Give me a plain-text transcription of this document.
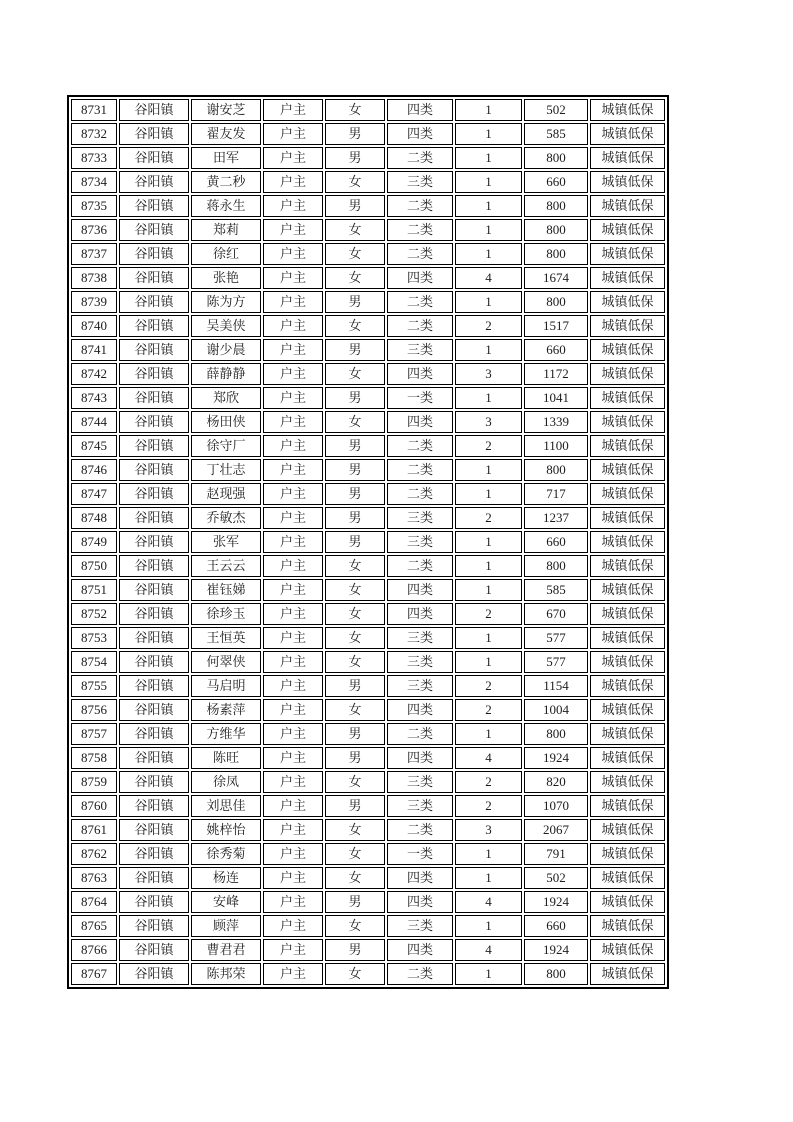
8731	谷阳镇	谢安芝	户主	女	四类	1	502	城镇低保
8732	谷阳镇	翟友发	户主	男	四类	1	585	城镇低保
8733	谷阳镇	田军	户主	男	二类	1	800	城镇低保
8734	谷阳镇	黄二秒	户主	女	三类	1	660	城镇低保
8735	谷阳镇	蒋永生	户主	男	二类	1	800	城镇低保
8736	谷阳镇	郑莉	户主	女	二类	1	800	城镇低保
8737	谷阳镇	徐红	户主	女	二类	1	800	城镇低保
8738	谷阳镇	张艳	户主	女	四类	4	1674	城镇低保
8739	谷阳镇	陈为方	户主	男	二类	1	800	城镇低保
8740	谷阳镇	吴美侠	户主	女	二类	2	1517	城镇低保
8741	谷阳镇	谢少晨	户主	男	三类	1	660	城镇低保
8742	谷阳镇	薛静静	户主	女	四类	3	1172	城镇低保
8743	谷阳镇	郑欣	户主	男	一类	1	1041	城镇低保
8744	谷阳镇	杨田侠	户主	女	四类	3	1339	城镇低保
8745	谷阳镇	徐守厂	户主	男	二类	2	1100	城镇低保
8746	谷阳镇	丁壮志	户主	男	二类	1	800	城镇低保
8747	谷阳镇	赵现强	户主	男	二类	1	717	城镇低保
8748	谷阳镇	乔敏杰	户主	男	三类	2	1237	城镇低保
8749	谷阳镇	张军	户主	男	三类	1	660	城镇低保
8750	谷阳镇	王云云	户主	女	二类	1	800	城镇低保
8751	谷阳镇	崔钰娣	户主	女	四类	1	585	城镇低保
8752	谷阳镇	徐珍玉	户主	女	四类	2	670	城镇低保
8753	谷阳镇	王恒英	户主	女	三类	1	577	城镇低保
8754	谷阳镇	何翠侠	户主	女	三类	1	577	城镇低保
8755	谷阳镇	马启明	户主	男	三类	2	1154	城镇低保
8756	谷阳镇	杨素萍	户主	女	四类	2	1004	城镇低保
8757	谷阳镇	方维华	户主	男	二类	1	800	城镇低保
8758	谷阳镇	陈旺	户主	男	四类	4	1924	城镇低保
8759	谷阳镇	徐凤	户主	女	三类	2	820	城镇低保
8760	谷阳镇	刘思佳	户主	男	三类	2	1070	城镇低保
8761	谷阳镇	姚梓怡	户主	女	二类	3	2067	城镇低保
8762	谷阳镇	徐秀菊	户主	女	一类	1	791	城镇低保
8763	谷阳镇	杨连	户主	女	四类	1	502	城镇低保
8764	谷阳镇	安峰	户主	男	四类	4	1924	城镇低保
8765	谷阳镇	顾萍	户主	女	三类	1	660	城镇低保
8766	谷阳镇	曹君君	户主	男	四类	4	1924	城镇低保
8767	谷阳镇	陈邦荣	户主	女	二类	1	800	城镇低保
